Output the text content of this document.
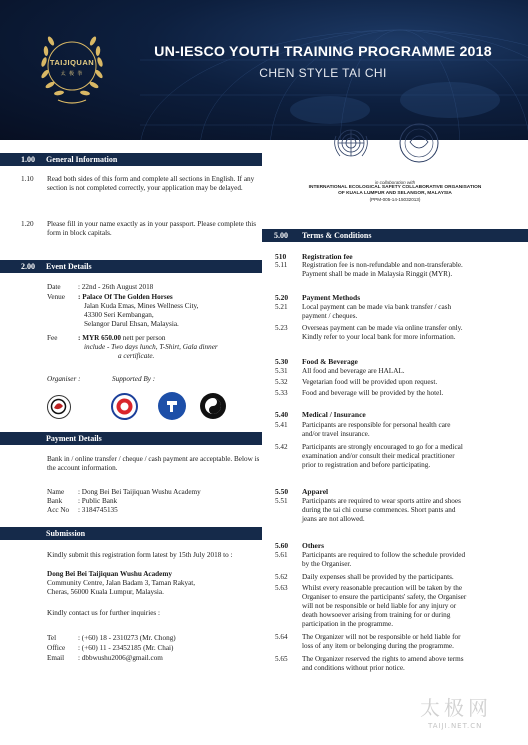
TAIJIQUAN
太 极 拳
UN-IESCO YOUTH TRAINING PROGRAMME 2018
CHEN STYLE TAI CHI
1.00 General Information
1.10 Read both sides of this form and complete all sections in English. If any section is not completed correctly, your application may be delayed.
1.20 Please fill in your name exactly as in your passport. Please complete this form in block capitals.
2.00 Event Details
Date : 22nd - 26th August 2018
Venue : Palace Of The Golden Horses
Jalan Kuda Emas, Mines Wellness City,
43300 Seri Kembangan,
Selangor Darul Ehsan, Malaysia.
Fee	: MYR 650.00 nett per person
include - Two days lunch, T-Shirt, Gala dinner
a certificate.
Organiser :	Supported By :
Payment Details
Bank in / online transfer / cheque / cash payment are acceptable. Below is the account information.
Name : Dong Bei Bei Taijiquan Wushu Academy
Bank : Public Bank
Acc No : 3184745135
Submission
Kindly submit this registration form latest by 15th July 2018 to :
Dong Bei Bei Taijiquan Wushu Academy
Community Centre, Jalan Badam 3, Taman Rakyat,
Cheras, 56000 Kuala Lumpur, Malaysia.
Kindly contact us for further inquiries :
Tel	: (+60) 18 - 2310273 (Mr. Chong)
Office : (+60) 11 - 23452185 (Mr. Chai)
Email : dbbwushu2006@gmail.com
in collaboration with
INTERNATIONAL ECOLOGICAL SAFETY COLLABORATIVE ORGANISATION
OF KUALA LUMPUR AND SELANGOR, MALAYSIA
(PPM-005-14-15032013)
5.00 Terms & Conditions
510 Registration fee
5.11 Registration fee is non-refundable and non-transferable.
Payment shall be made in Malaysia Ringgit (MYR).
5.20 Payment Methods
5.21 Local payment can be made via bank transfer / cash
payment / cheques.
5.23 Overseas payment can be made via online transfer only.
Kindly refer to your local bank for more information.
5.30 Food & Beverage
5.31 All food and beverage are HALAL.
5.32 Vegetarian food will be provided upon request.
5.33 Food and beverage will be provided by the hotel.
5.40 Medical / Insurance
5.41 Participants are responsible for personal health care
and/or travel insurance.
5.42 Participants are strongly encouraged to go for a medical
examination and/or consult their medical practitioner
prior to registration and before participating.
5.50 Apparel
5.51 Participants are required to wear sports attire and shoes
during the tai chi course commences. Short pants and
jeans are not allowed.
5.60 Others
5.61 Participants are required to follow the schedule provided
by the Organiser.
5.62 Daily expenses shall be provided by the participants.
5.63 Whilst every reasonable precaution will be taken by the
Organiser to ensure the participants' safety, the Organiser
will not be responsible or held liable for any injury or
death howsoever arising from training for or during
participation in the programme.
5.64 The Organizer will not be responsible or held liable for
loss of any item or belonging during the programme.
5.65 The Organizer reserved the rights to amend above terms
and conditions without prior notice.
太极网
TAIJI.NET.CN
